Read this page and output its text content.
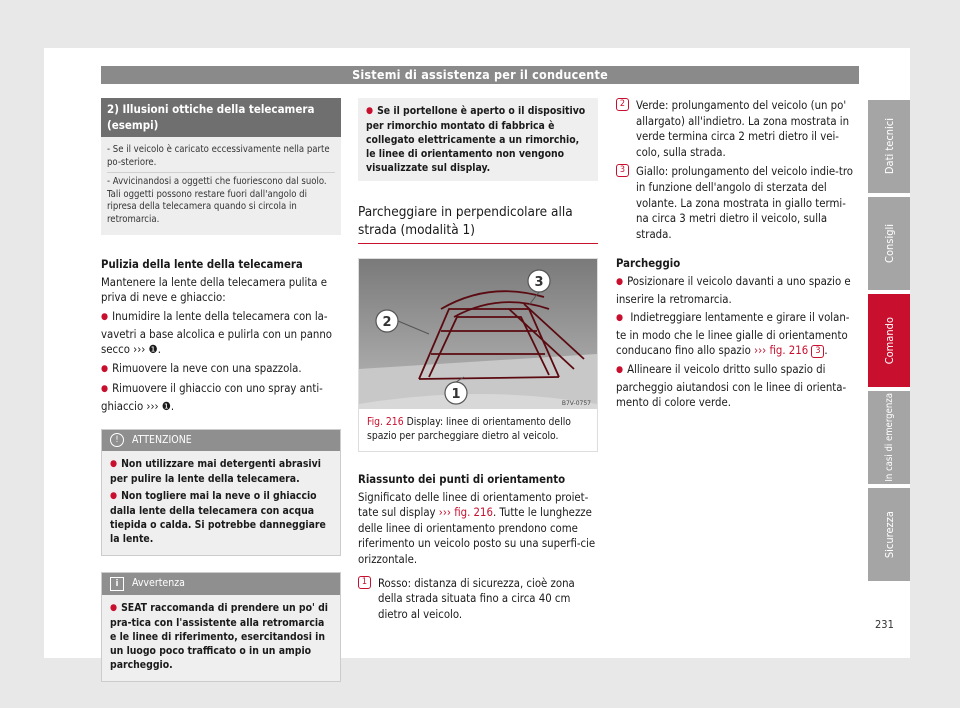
Sistemi di assistenza per il conducente
2) Illusioni ottiche della telecamera (esempi)

- Se il veicolo è caricato eccessivamente nella parte po-steriore.

- Avvicinandosi a oggetti che fuoriescono dal suolo. Tali oggetti possono restare fuori dall'angolo di ripresa della telecamera quando si circola in retromarcia.

Pulizia della lente della telecamera

Mantenere la lente della telecamera pulita e priva di neve e ghiaccio:

● Inumidire la lente della telecamera con la-vavetri a base alcolica e pulirla con un panno secco ››› ❶.

● Rimuovere la neve con una spazzola.

● Rimuovere il ghiaccio con uno spray anti-ghiaccio ››› ❶.

!	ATTENZIONE

● Non utilizzare mai detergenti abrasivi per pulire la lente della telecamera.

● Non togliere mai la neve o il ghiaccio dalla lente della telecamera con acqua tiepida o calda. Si potrebbe danneggiare la lente.

i	Avvertenza

● SEAT raccomanda di prendere un po' di pra-tica con l'assistente alla retromarcia e le linee di riferimento, esercitandosi in un luogo poco trafficato o in un ampio parcheggio.

● Se il portellone è aperto o il dispositivo per rimorchio montato di fabbrica è collegato elettricamente a un rimorchio, le linee di orientamento non vengono visualizzate sul display.

Parcheggiare in perpendicolare alla strada (modalità 1)
1
2
3
B7V-0757
Fig. 216 Display: linee di orientamento dello spazio per parcheggiare dietro al veicolo.
Riassunto dei punti di orientamento

Significato delle linee di orientamento proiet-tate sul display ››› fig. 216. Tutte le lunghezze delle linee di orientamento prendono come riferimento un veicolo posto su una superfi-cie orizzontale.

1 Rosso: distanza di sicurezza, cioè zona della strada situata fino a circa 40 cm dietro al veicolo.
2 Verde: prolungamento del veicolo (un po' allargato) all'indietro. La zona mostrata in verde termina circa 2 metri dietro il vei-colo, sulla strada.
3 Giallo: prolungamento del veicolo indie-tro in funzione dell'angolo di sterzata del volante. La zona mostrata in giallo termi-na circa 3 metri dietro il veicolo, sulla strada.
Parcheggio

● Posizionare il veicolo davanti a uno spazio e inserire la retromarcia.

● Indietreggiare lentamente e girare il volan-te in modo che le linee gialle di orientamento conducano fino allo spazio ››› fig. 216 3 .

● Allineare il veicolo dritto sullo spazio di parcheggio aiutandosi con le linee di orienta-mento di colore verde.

Dati tecnici
Consigli
Comando
In casi di emergenza
Sicurezza
231
